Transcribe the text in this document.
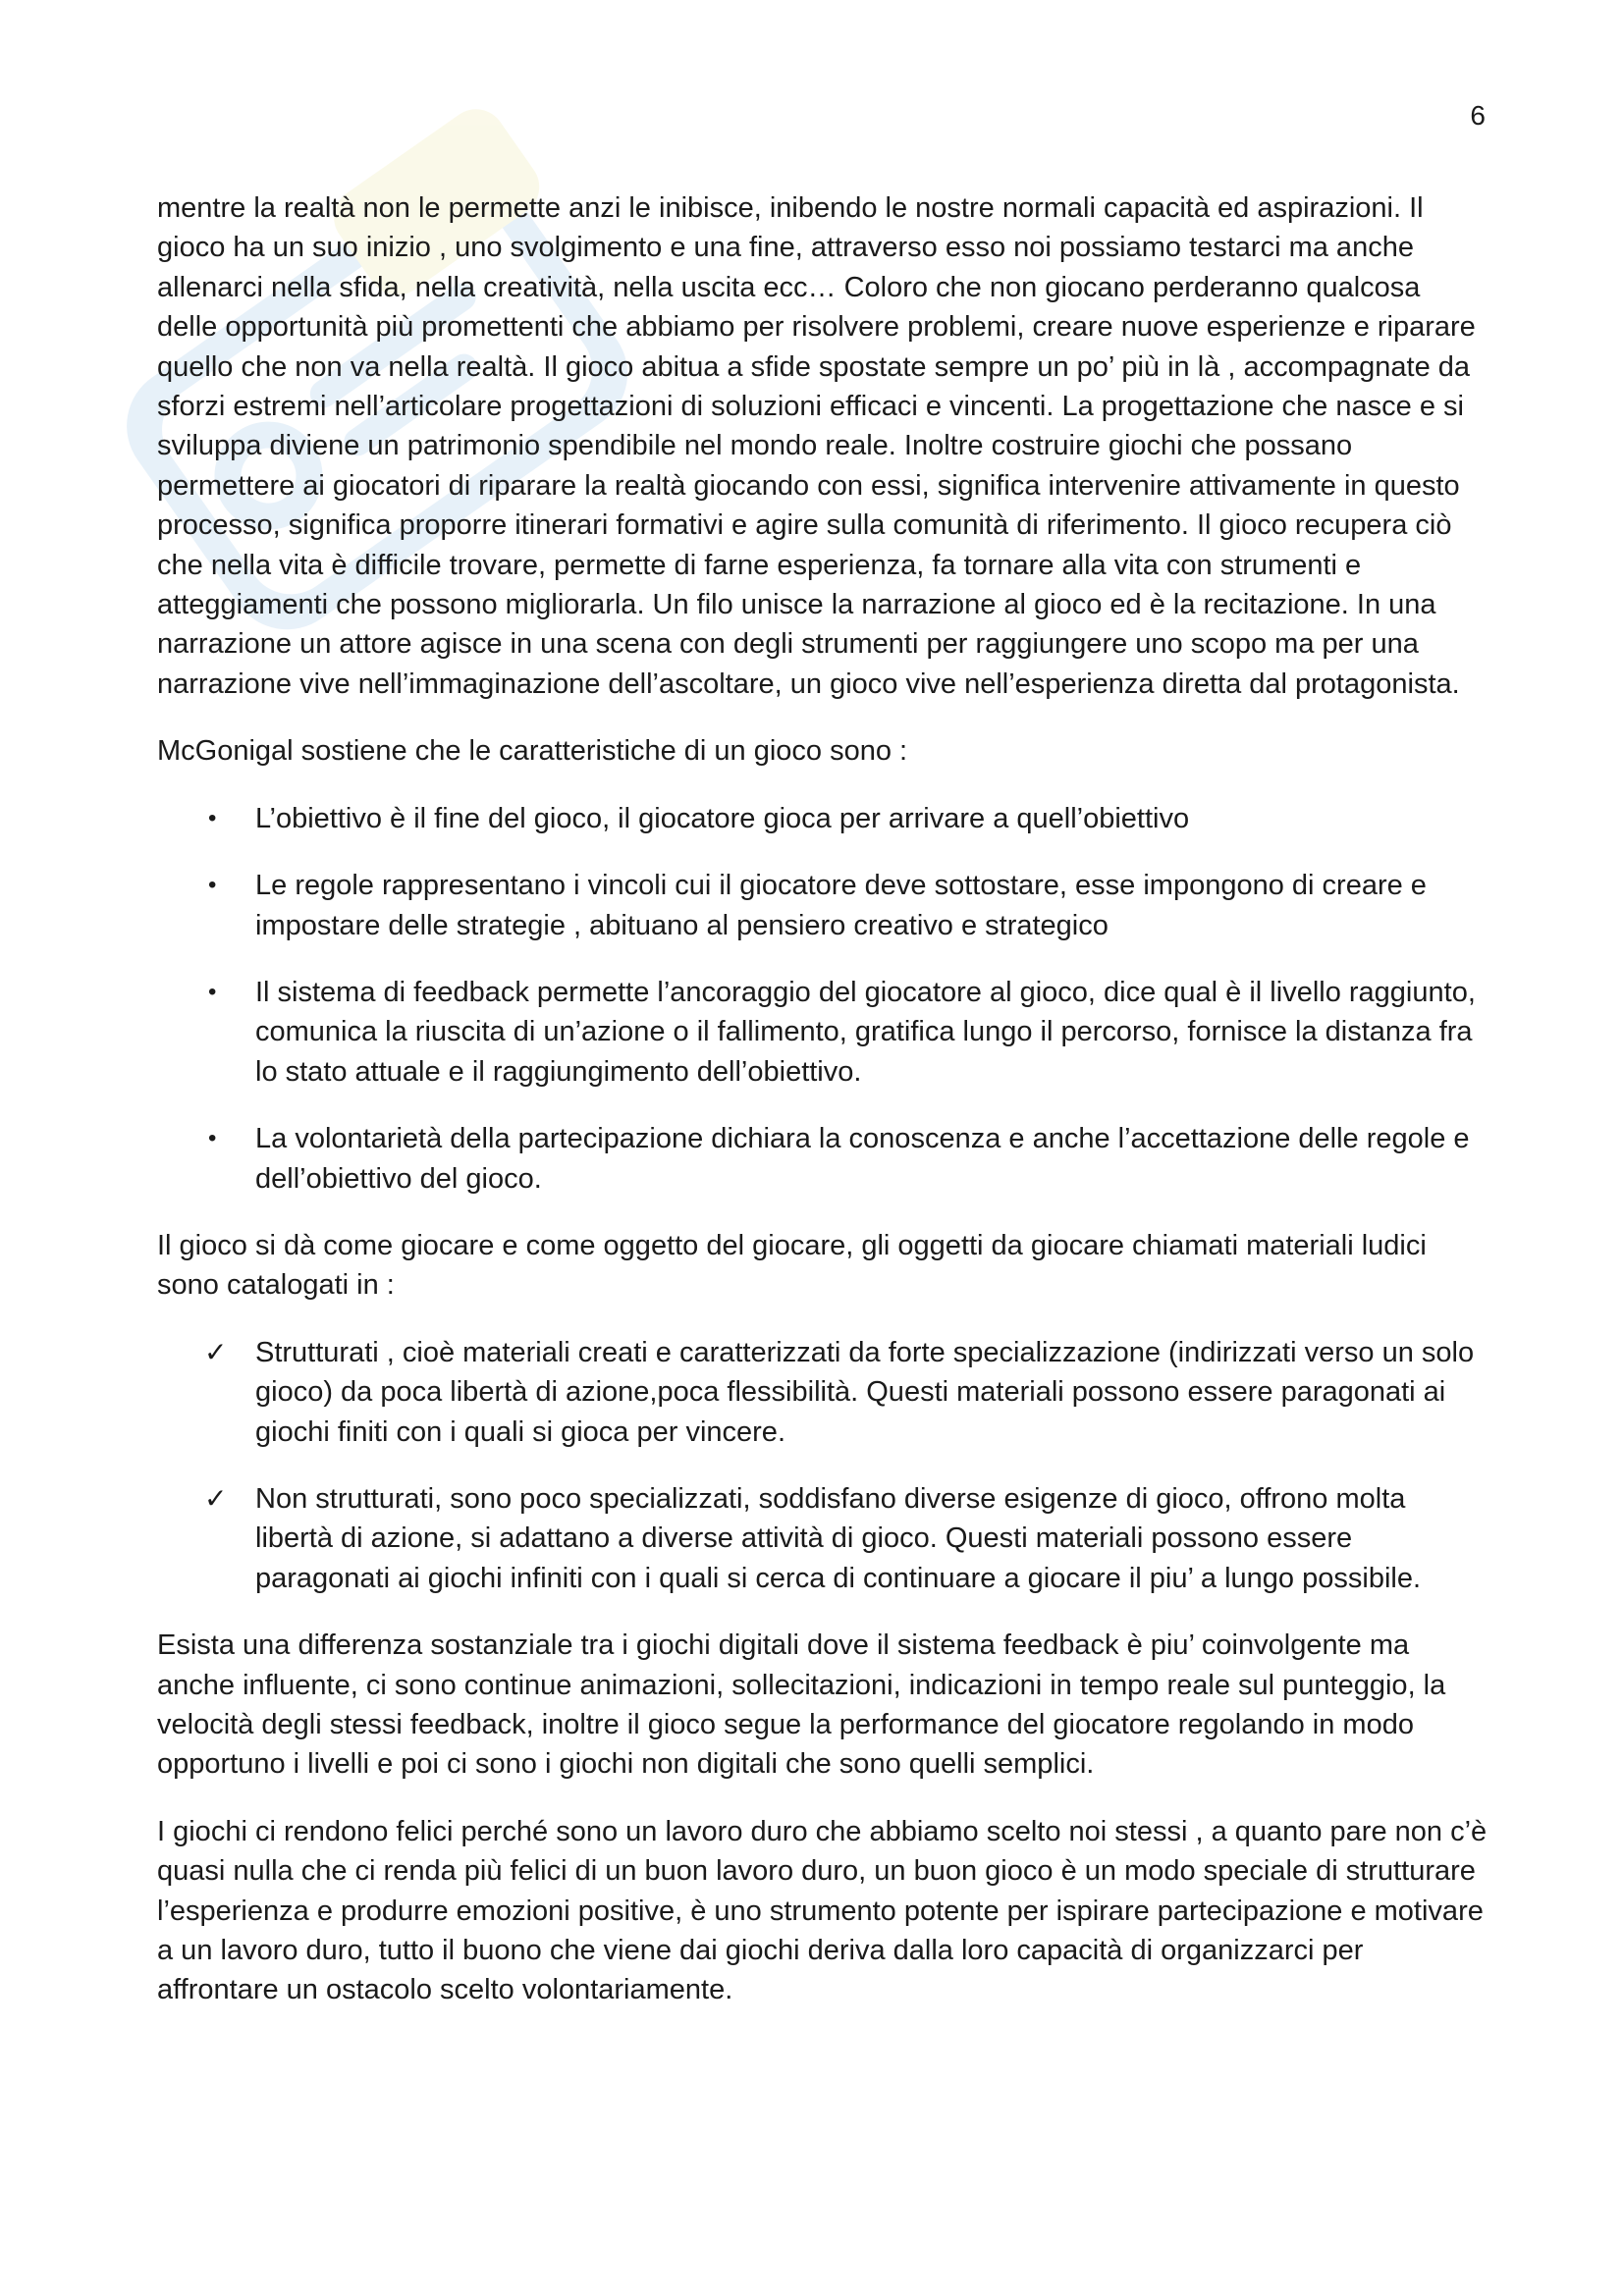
6

mentre la realtà non le permette anzi le inibisce, inibendo le nostre normali capacità ed aspirazioni. Il gioco ha un suo inizio , uno svolgimento e una fine, attraverso esso noi possiamo testarci ma anche allenarci nella sfida, nella creatività, nella uscita ecc… Coloro che non giocano perderanno qualcosa delle opportunità più promettenti che abbiamo per risolvere problemi, creare nuove esperienze e riparare quello che non va nella realtà. Il gioco abitua a sfide spostate sempre un po’ più in là , accompagnate da sforzi estremi nell’articolare progettazioni di soluzioni efficaci e vincenti. La progettazione che nasce e si sviluppa diviene un patrimonio spendibile nel mondo reale. Inoltre costruire giochi che possano permettere ai giocatori di riparare la realtà giocando con essi, significa intervenire attivamente in questo processo, significa proporre itinerari formativi e agire sulla comunità di riferimento. Il gioco recupera ciò che nella vita è difficile trovare, permette di farne esperienza, fa tornare alla vita con strumenti e atteggiamenti che possono migliorarla. Un filo unisce la narrazione al gioco ed è la recitazione. In una narrazione un attore agisce in una scena con degli strumenti per raggiungere uno scopo ma per una narrazione vive nell’immaginazione dell’ascoltare, un gioco vive nell’esperienza diretta dal protagonista.

McGonigal sostiene che le caratteristiche di un gioco sono :

• L’obiettivo è il fine del gioco, il giocatore gioca per arrivare a quell’obiettivo
• Le regole rappresentano i vincoli cui il giocatore deve sottostare, esse impongono di creare e impostare delle strategie , abituano al pensiero creativo e strategico
• Il sistema di feedback permette l’ancoraggio del giocatore al gioco, dice qual è il livello raggiunto, comunica la riuscita di un’azione o il fallimento, gratifica lungo il percorso, fornisce la distanza fra lo stato attuale e il raggiungimento dell’obiettivo.
• La volontarietà della partecipazione dichiara la conoscenza e anche l’accettazione delle regole e dell’obiettivo del gioco.

Il gioco si dà come giocare e come oggetto del giocare, gli oggetti da giocare chiamati materiali ludici sono catalogati in :

✓ Strutturati , cioè materiali creati e caratterizzati da forte specializzazione (indirizzati verso un solo gioco) da poca libertà di azione,poca flessibilità. Questi materiali possono essere paragonati ai giochi finiti con i quali si gioca per vincere.
✓ Non strutturati, sono poco specializzati, soddisfano diverse esigenze di gioco, offrono molta libertà di azione, si adattano a diverse attività di gioco. Questi materiali possono essere paragonati ai giochi infiniti con i quali si cerca di continuare a giocare il piu’ a lungo possibile.

Esista una differenza sostanziale tra i giochi digitali dove il sistema feedback è piu’ coinvolgente ma anche influente, ci sono continue animazioni, sollecitazioni, indicazioni in tempo reale sul punteggio, la velocità degli stessi feedback, inoltre il gioco segue la performance del giocatore regolando in modo opportuno i livelli e poi ci sono i giochi non digitali che sono quelli semplici.

I giochi ci rendono felici perché sono un lavoro duro che abbiamo scelto noi stessi , a quanto pare non c’è quasi nulla che ci renda più felici di un buon lavoro duro, un buon gioco è un modo speciale di strutturare l’esperienza e produrre emozioni positive, è uno strumento potente per ispirare partecipazione e motivare a un lavoro duro, tutto il buono che viene dai giochi deriva dalla loro capacità di organizzarci per affrontare un ostacolo scelto volontariamente.
